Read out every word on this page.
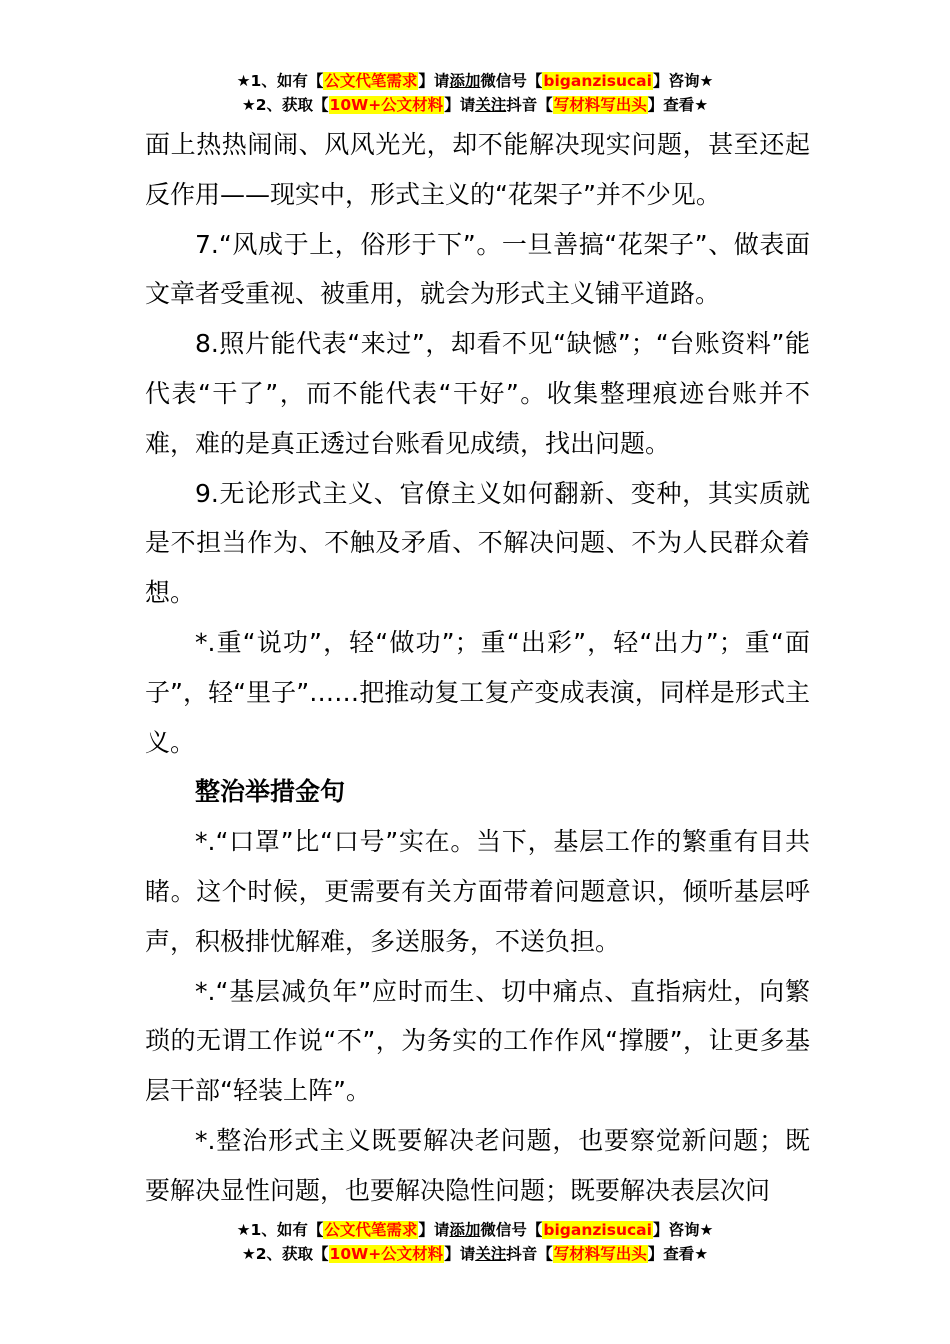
★1、如有【公文代笔需求】请添加微信号【biganzisucai】咨询★
★2、获取【10W+公文材料】请关注抖音【写材料写出头】查看★

面上热热闹闹、风风光光，却不能解决现实问题，甚至还起反作用——现实中，形式主义的“花架子”并不少见。

7.“风成于上，俗形于下”。一旦善搞“花架子”、做表面文章者受重视、被重用，就会为形式主义铺平道路。

8.照片能代表“来过”，却看不见“缺憾”；“台账资料”能代表“干了”，而不能代表“干好”。收集整理痕迹台账并不难，难的是真正透过台账看见成绩，找出问题。

9.无论形式主义、官僚主义如何翻新、变种，其实质就是不担当作为、不触及矛盾、不解决问题、不为人民群众着想。

*.重“说功”，轻“做功”；重“出彩”，轻“出力”；重“面子”，轻“里子”……把推动复工复产变成表演，同样是形式主义。

整治举措金句

*.“口罩”比“口号”实在。当下，基层工作的繁重有目共睹。这个时候，更需要有关方面带着问题意识，倾听基层呼声，积极排忧解难，多送服务，不送负担。

*.“基层减负年”应时而生、切中痛点、直指病灶，向繁琐的无谓工作说“不”，为务实的工作作风“撑腰”，让更多基层干部“轻装上阵”。

*.整治形式主义既要解决老问题，也要察觉新问题；既要解决显性问题，也要解决隐性问题；既要解决表层次问

★1、如有【公文代笔需求】请添加微信号【biganzisucai】咨询★
★2、获取【10W+公文材料】请关注抖音【写材料写出头】查看★
